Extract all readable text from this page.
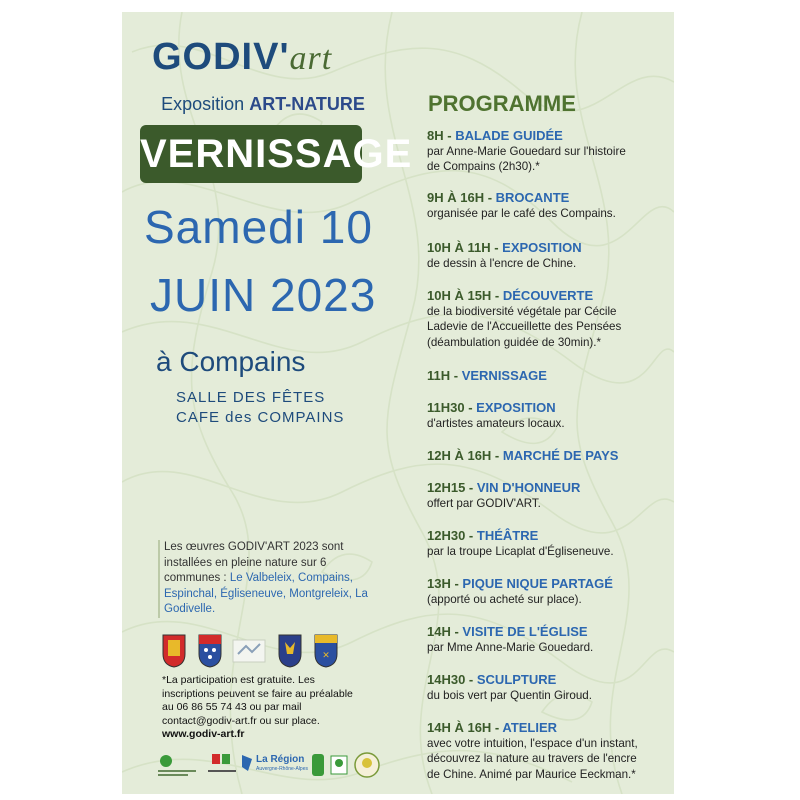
GODIV'art
Exposition ART-NATURE
VERNISSAGE
Samedi 10
JUIN 2023
à Compains
SALLE DES FÊTES
CAFE des COMPAINS
Les œuvres GODIV'ART 2023 sont installées en pleine nature sur 6 communes : Le Valbeleix, Compains, Espinchal, Égliseneuve, Montgreleix, La Godivelle.
✕
*La participation est gratuite. Les
inscriptions peuvent se faire au préalable
au 06 86 55 74 43 ou par mail
contact@godiv-art.fr ou sur place.
www.godiv-art.fr
La Région
Auvergne-Rhône-Alpes
PROGRAMME
8H - BALADE GUIDÉE
par Anne-Marie Gouedard sur l'histoire
de Compains (2h30).*
9H À 16H - BROCANTE
organisée par le café des Compains.
10H À 11H - EXPOSITION
de dessin à l'encre de Chine.
10H À 15H - DÉCOUVERTE
de la biodiversité végétale par Cécile
Ladevie de l'Accueillette des Pensées
(déambulation guidée de 30min).*
11H - VERNISSAGE
11H30 - EXPOSITION
d'artistes amateurs locaux.
12H À 16H - MARCHÉ DE PAYS
12H15 - VIN D'HONNEUR
offert par GODIV'ART.
12H30 - THÉÂTRE
par la troupe Licaplat d'Égliseneuve.
13H - PIQUE NIQUE PARTAGÉ
(apporté ou acheté sur place).
14H - VISITE DE L'ÉGLISE
par Mme Anne-Marie Gouedard.
14H30 - SCULPTURE
du bois vert par Quentin Giroud.
14H À 16H - ATELIER
avec votre intuition, l'espace d'un instant,
découvrez la nature au travers de l'encre
de Chine. Animé par Maurice Eeckman.*
